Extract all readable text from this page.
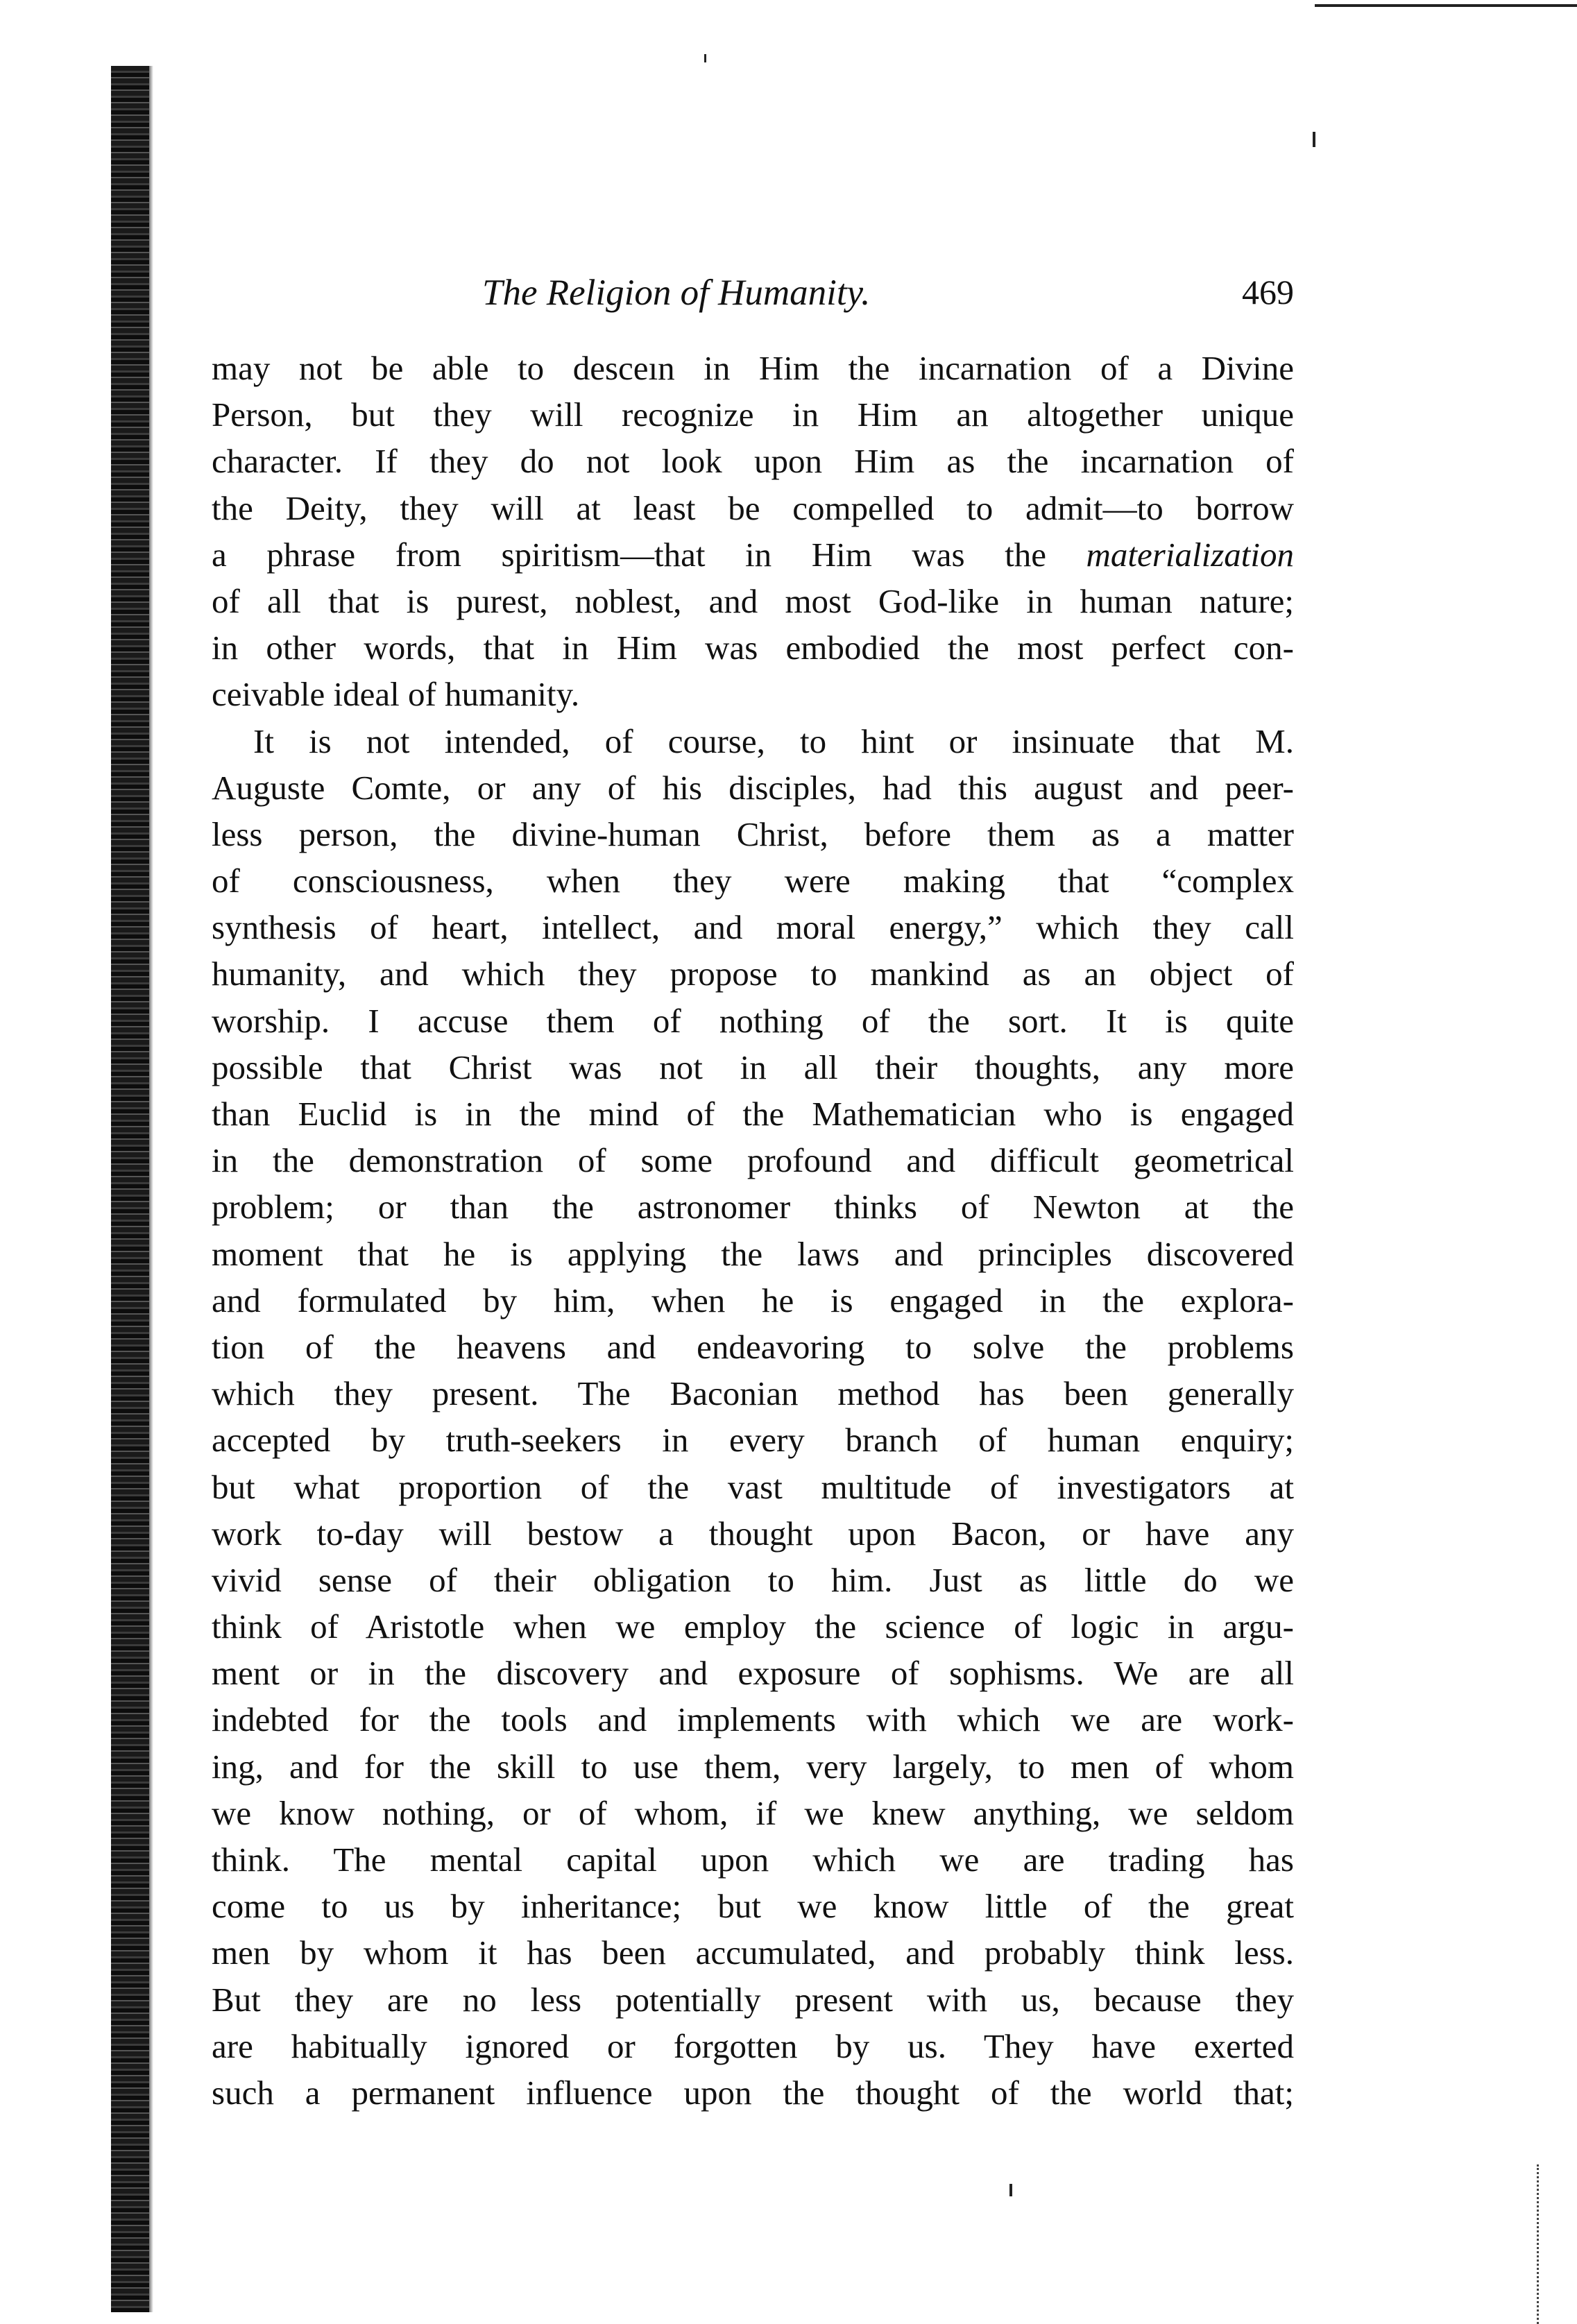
The Religion of Humanity.	469
may not be able to desceın in Him the incarnation of a Divine
Person, but they will recognize in Him an altogether unique
character. If they do not look upon Him as the incarnation of
the Deity, they will at least be compelled to admit—to borrow
a phrase from spiritism—that in Him was the materialization
of all that is purest, noblest, and most God-like in human nature;
in other words, that in Him was embodied the most perfect con-
ceivable ideal of humanity.
It is not intended, of course, to hint or insinuate that M.
Auguste Comte, or any of his disciples, had this august and peer-
less person, the divine-human Christ, before them as a matter
of consciousness, when they were making that “complex
synthesis of heart, intellect, and moral energy,” which they call
humanity, and which they propose to mankind as an object of
worship. I accuse them of nothing of the sort. It is quite
possible that Christ was not in all their thoughts, any more
than Euclid is in the mind of the Mathematician who is engaged
in the demonstration of some profound and difficult geometrical
problem; or than the astronomer thinks of Newton at the
moment that he is applying the laws and principles discovered
and formulated by him, when he is engaged in the explora-
tion of the heavens and endeavoring to solve the problems
which they present. The Baconian method has been generally
accepted by truth-seekers in every branch of human enquiry;
but what proportion of the vast multitude of investigators at
work to-day will bestow a thought upon Bacon, or have any
vivid sense of their obligation to him. Just as little do we
think of Aristotle when we employ the science of logic in argu-
ment or in the discovery and exposure of sophisms. We are all
indebted for the tools and implements with which we are work-
ing, and for the skill to use them, very largely, to men of whom
we know nothing, or of whom, if we knew anything, we seldom
think. The mental capital upon which we are trading has
come to us by inheritance; but we know little of the great
men by whom it has been accumulated, and probably think less.
But they are no less potentially present with us, because they
are habitually ignored or forgotten by us. They have exerted
such a permanent influence upon the thought of the world that;
